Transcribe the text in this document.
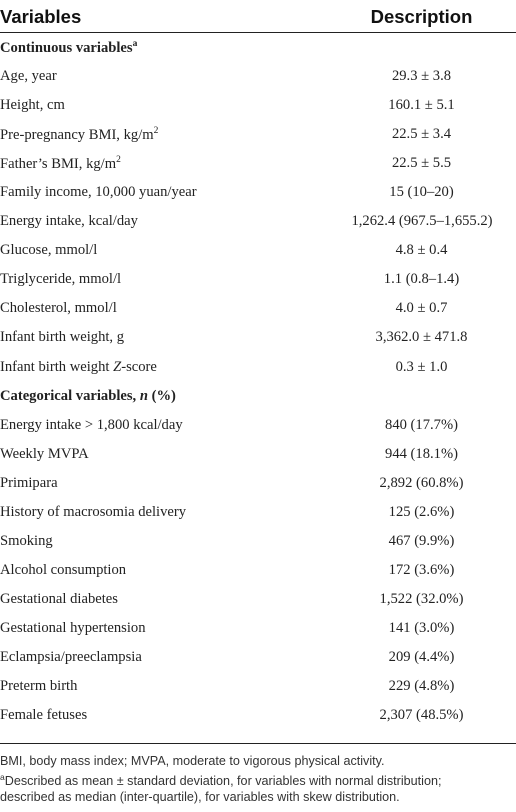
Variables	Description
Continuous variables$^a$
Age, year	29.3 ± 3.8
Height, cm	160.1 ± 5.1
Pre-pregnancy BMI, $kg/m^2$	22.5 ± 3.4
Father’s BMI, $kg/m^2$	22.5 ± 5.5
Family income, 10,000 yuan/year	15 (10–20)
Energy intake, kcal/day	1,262.4 (967.5–1,655.2)
Glucose, mmol/l	4.8 ± 0.4
Triglyceride, mmol/l	1.1 (0.8–1.4)
Cholesterol, mmol/l	4.0 ± 0.7
Infant birth weight, g	3,362.0 ± 471.8
Infant birth weight Z-score	0.3 ± 1.0
Categorical variables, n (%)
Energy intake > 1,800 kcal/day	840 (17.7%)
Weekly MVPA	944 (18.1%)
Primipara	2,892 (60.8%)
History of macrosomia delivery	125 (2.6%)
Smoking	467 (9.9%)
Alcohol consumption	172 (3.6%)
Gestational diabetes	1,522 (32.0%)
Gestational hypertension	141 (3.0%)
Eclampsia/preeclampsia	209 (4.4%)
Preterm birth	229 (4.8%)
Female fetuses	2,307 (48.5%)
BMI, body mass index; MVPA, moderate to vigorous physical activity.
$^a$Described as mean ± standard deviation, for variables with normal distribution;
described as median (inter-quartile), for variables with skew distribution.
